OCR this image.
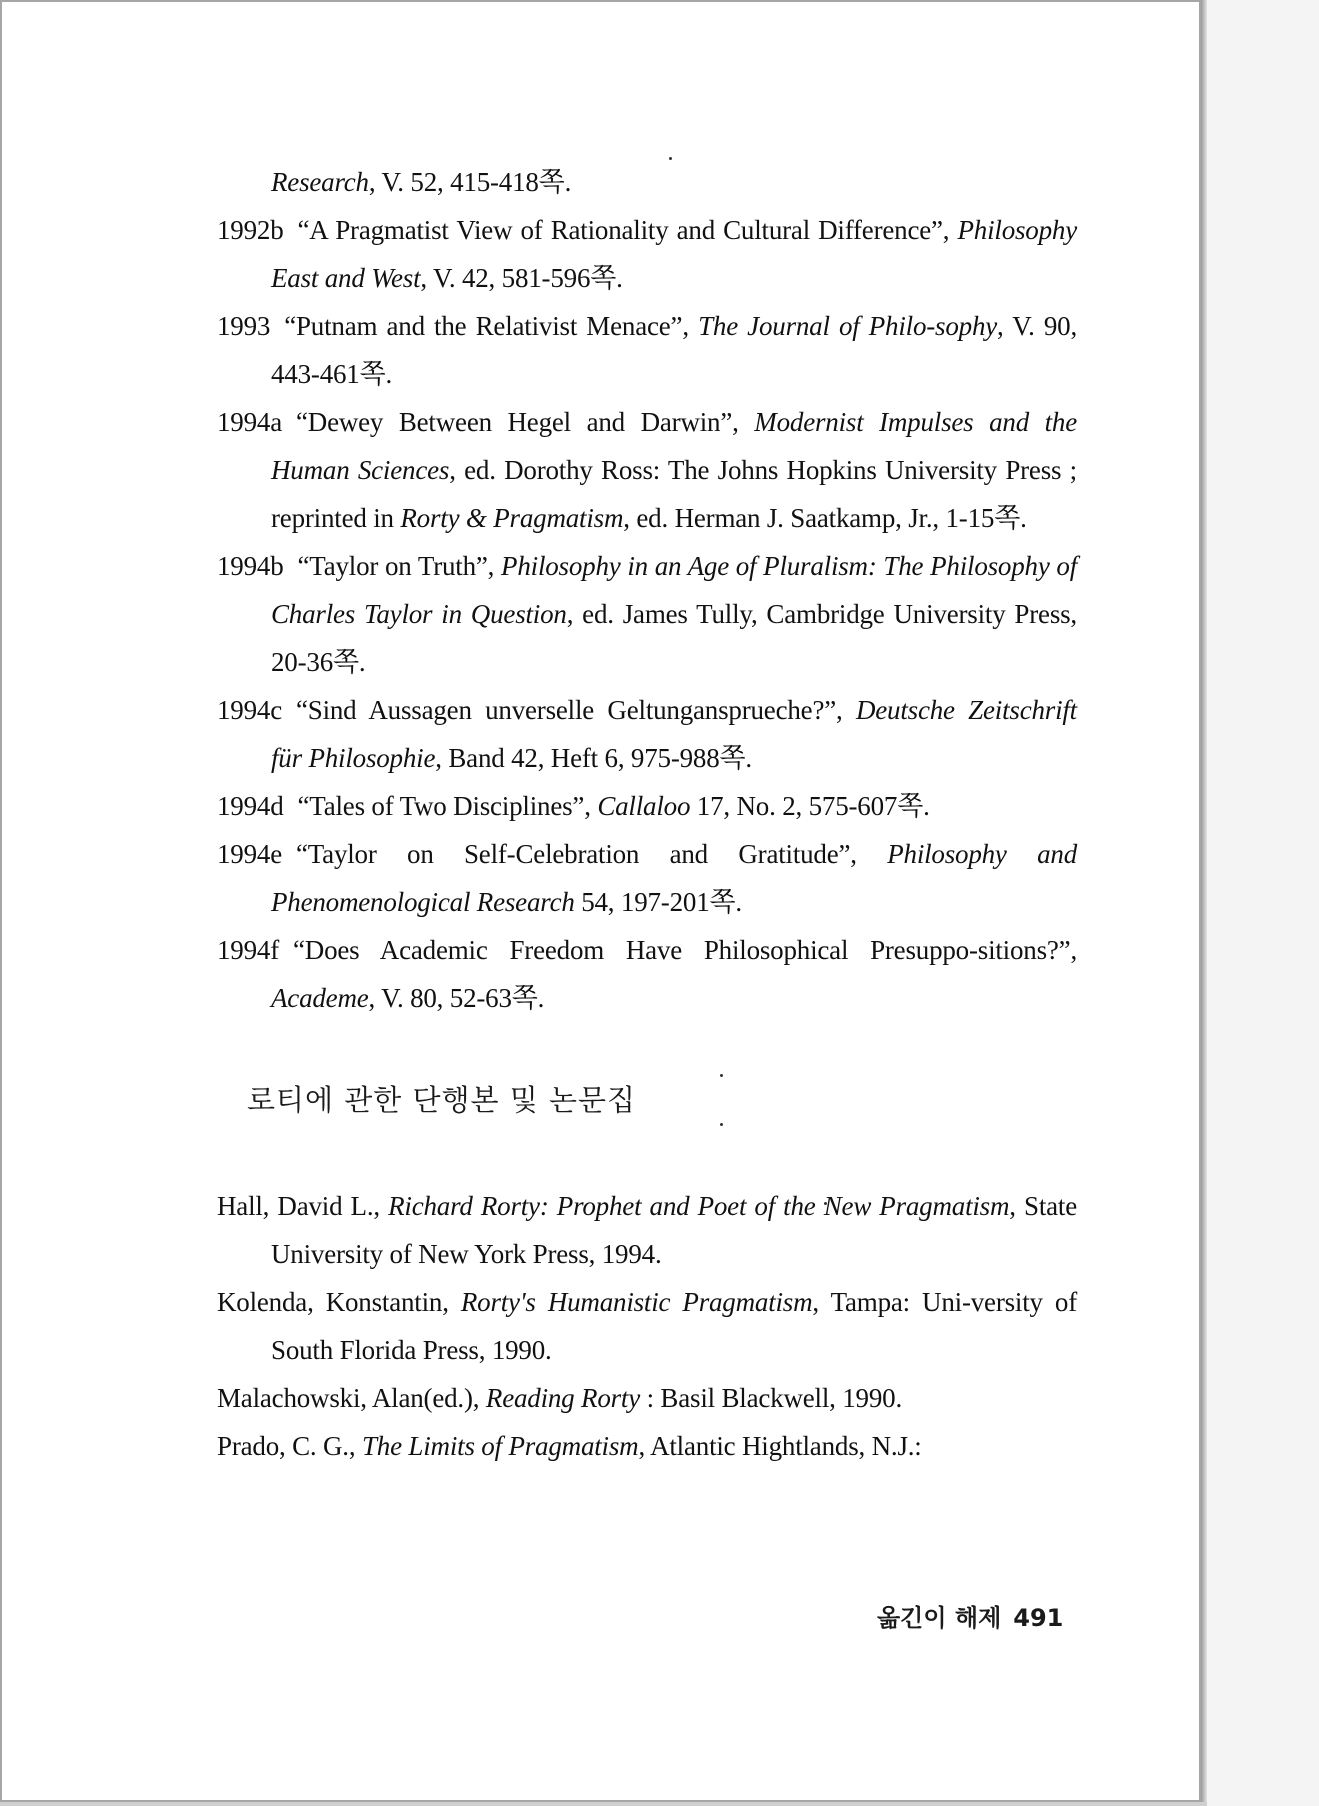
Research, V. 52, 415-418쪽.

1992b “A Pragmatist View of Rationality and Cultural Difference”, Philosophy East and West, V. 42, 581-596쪽.

1993 “Putnam and the Relativist Menace”, The Journal of Philo-sophy, V. 90, 443-461쪽.

1994a “Dewey Between Hegel and Darwin”, Modernist Impulses and the Human Sciences, ed. Dorothy Ross: The Johns Hopkins University Press ; reprinted in Rorty & Pragmatism, ed. Herman J. Saatkamp, Jr., 1-15쪽.

1994b “Taylor on Truth”, Philosophy in an Age of Pluralism: The Philosophy of Charles Taylor in Question, ed. James Tully, Cambridge University Press, 20-36쪽.

1994c “Sind Aussagen unverselle Geltungansprueche?”, Deutsche Zeitschrift für Philosophie, Band 42, Heft 6, 975-988쪽.

1994d “Tales of Two Disciplines”, Callaloo 17, No. 2, 575-607쪽.

1994e “Taylor on Self-Celebration and Gratitude”, Philosophy and Phenomenological Research 54, 197-201쪽.

1994f “Does Academic Freedom Have Philosophical Presuppo-sitions?”, Academe, V. 80, 52-63쪽.

로티에 관한 단행본 및 논문집

Hall, David L., Richard Rorty: Prophet and Poet of the New Pragmatism, State University of New York Press, 1994.

Kolenda, Konstantin, Rorty's Humanistic Pragmatism, Tampa: Uni-versity of South Florida Press, 1990.

Malachowski, Alan(ed.), Reading Rorty : Basil Blackwell, 1990.

Prado, C. G., The Limits of Pragmatism, Atlantic Hightlands, N.J.:

옮긴이 해제 491
